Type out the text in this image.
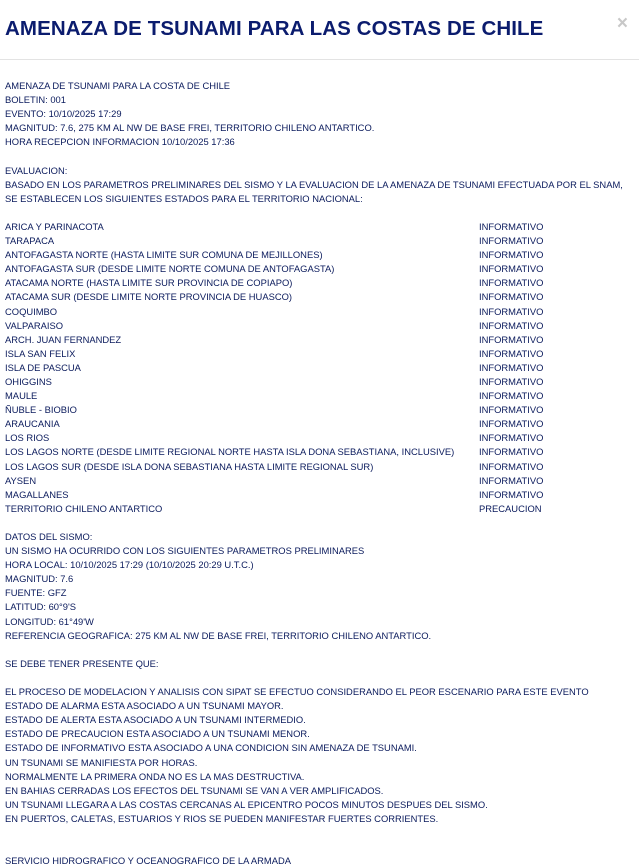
AMENAZA DE TSUNAMI PARA LAS COSTAS DE CHILE	×
AMENAZA DE TSUNAMI PARA LA COSTA DE CHILE
BOLETIN: 001
EVENTO: 10/10/2025 17:29
MAGNITUD: 7.6, 275 KM AL NW DE BASE FREI, TERRITORIO CHILENO ANTARTICO.
HORA RECEPCION INFORMACION 10/10/2025 17:36
EVALUACION:
BASADO EN LOS PARAMETROS PRELIMINARES DEL SISMO Y LA EVALUACION DE LA AMENAZA DE TSUNAMI EFECTUADA POR EL SNAM, SE ESTABLECEN LOS SIGUIENTES ESTADOS PARA EL TERRITORIO NACIONAL:
ARICA Y PARINACOTA	INFORMATIVO
TARAPACA	INFORMATIVO
ANTOFAGASTA NORTE (HASTA LIMITE SUR COMUNA DE MEJILLONES)	INFORMATIVO
ANTOFAGASTA SUR (DESDE LIMITE NORTE COMUNA DE ANTOFAGASTA)	INFORMATIVO
ATACAMA NORTE (HASTA LIMITE SUR PROVINCIA DE COPIAPO)	INFORMATIVO
ATACAMA SUR (DESDE LIMITE NORTE PROVINCIA DE HUASCO)	INFORMATIVO
COQUIMBO	INFORMATIVO
VALPARAISO	INFORMATIVO
ARCH. JUAN FERNANDEZ	INFORMATIVO
ISLA SAN FELIX	INFORMATIVO
ISLA DE PASCUA	INFORMATIVO
OHIGGINS	INFORMATIVO
MAULE	INFORMATIVO
ÑUBLE - BIOBIO	INFORMATIVO
ARAUCANIA	INFORMATIVO
LOS RIOS	INFORMATIVO
LOS LAGOS NORTE (DESDE LIMITE REGIONAL NORTE HASTA ISLA DONA SEBASTIANA, INCLUSIVE)	INFORMATIVO
LOS LAGOS SUR (DESDE ISLA DONA SEBASTIANA HASTA LIMITE REGIONAL SUR)	INFORMATIVO
AYSEN	INFORMATIVO
MAGALLANES	INFORMATIVO
TERRITORIO CHILENO ANTARTICO	PRECAUCION
DATOS DEL SISMO:
UN SISMO HA OCURRIDO CON LOS SIGUIENTES PARAMETROS PRELIMINARES
HORA LOCAL: 10/10/2025 17:29 (10/10/2025 20:29 U.T.C.)
MAGNITUD: 7.6
FUENTE: GFZ
LATITUD: 60°9'S
LONGITUD: 61°49'W
REFERENCIA GEOGRAFICA: 275 KM AL NW DE BASE FREI, TERRITORIO CHILENO ANTARTICO.
SE DEBE TENER PRESENTE QUE:
EL PROCESO DE MODELACION Y ANALISIS CON SIPAT SE EFECTUO CONSIDERANDO EL PEOR ESCENARIO PARA ESTE EVENTO
ESTADO DE ALARMA ESTA ASOCIADO A UN TSUNAMI MAYOR.
ESTADO DE ALERTA ESTA ASOCIADO A UN TSUNAMI INTERMEDIO.
ESTADO DE PRECAUCION ESTA ASOCIADO A UN TSUNAMI MENOR.
ESTADO DE INFORMATIVO ESTA ASOCIADO A UNA CONDICION SIN AMENAZA DE TSUNAMI.
UN TSUNAMI SE MANIFIESTA POR HORAS.
NORMALMENTE LA PRIMERA ONDA NO ES LA MAS DESTRUCTIVA.
EN BAHIAS CERRADAS LOS EFECTOS DEL TSUNAMI SE VAN A VER AMPLIFICADOS.
UN TSUNAMI LLEGARA A LAS COSTAS CERCANAS AL EPICENTRO POCOS MINUTOS DESPUES DEL SISMO.
EN PUERTOS, CALETAS, ESTUARIOS Y RIOS SE PUEDEN MANIFESTAR FUERTES CORRIENTES.
SERVICIO HIDROGRAFICO Y OCEANOGRAFICO DE LA ARMADA
